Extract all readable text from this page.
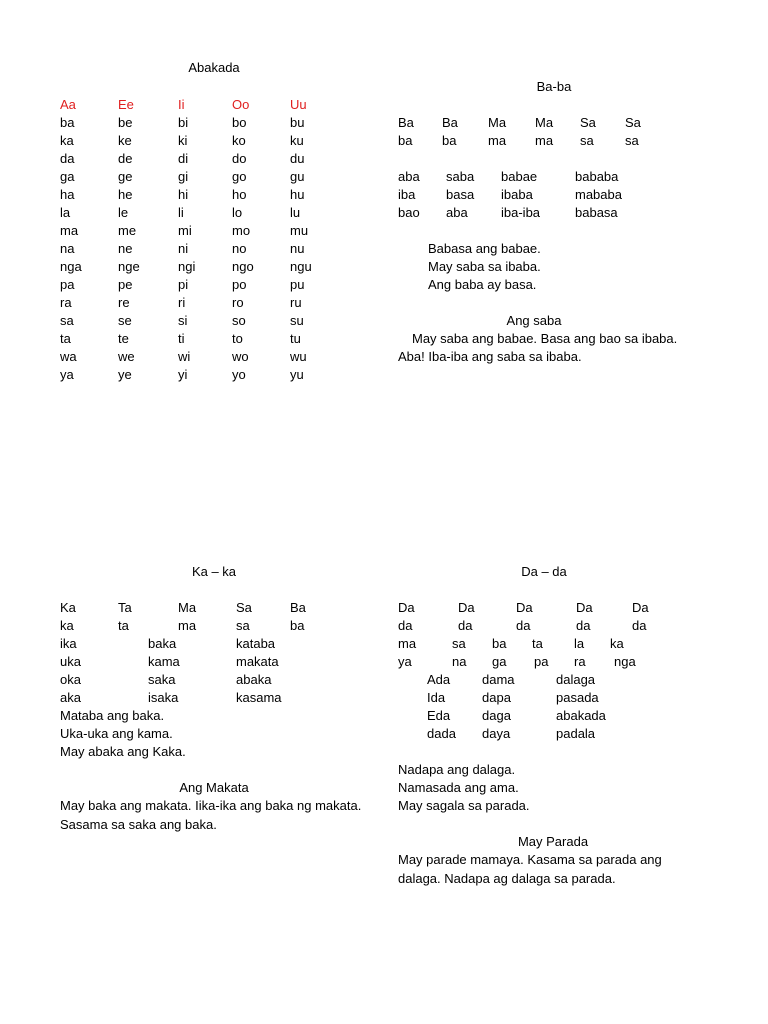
Abakada
Aa	Ee	Ii	Oo	Uu
ba	be	bi	bo	bu
ka	ke	ki	ko	ku
da	de	di	do	du
ga	ge	gi	go	gu
ha	he	hi	ho	hu
la	le	li	lo	lu
ma	me	mi	mo	mu
na	ne	ni	no	nu
nga	nge	ngi	ngo	ngu
pa	pe	pi	po	pu
ra	re	ri	ro	ru
sa	se	si	so	su
ta	te	ti	to	tu
wa	we	wi	wo	wu
ya	ye	yi	yo	yu
Ba-ba
Ba Ba Ma Ma Sa Sa
ba ba ma ma sa sa
aba saba babae	bababa
iba basa ibaba	mababa
bao aba	iba-iba	babasa
Babasa ang babae.
May saba sa ibaba.
Ang baba ay basa.
Ang saba
May saba ang babae. Basa ang bao sa ibaba.
Aba! Iba-iba ang saba sa ibaba.
Ka – ka
Ka	Ta	Ma	Sa	Ba
ka	ta	ma	sa	ba
ika	baka	kataba
uka	kama	makata
oka	saka	abaka
aka	isaka	kasama
Mataba ang baka.
Uka-uka ang kama.
May abaka ang Kaka.
Ang Makata
May baka ang makata. Iika-ika ang baka ng makata.
Sasama sa saka ang baka.
Da – da
Da	Da	Da	Da	Da
da	da	da	da	da
ma	sa ba ta la ka
ya	na ga pa ra nga
Ada dama	dalaga
Ida	dapa	pasada
Eda daga	abakada
dada daya	padala
Nadapa ang dalaga.
Namasada ang ama.
May sagala sa parada.
May Parada
May parade mamaya. Kasama sa parada ang
dalaga. Nadapa ag dalaga sa parada.
